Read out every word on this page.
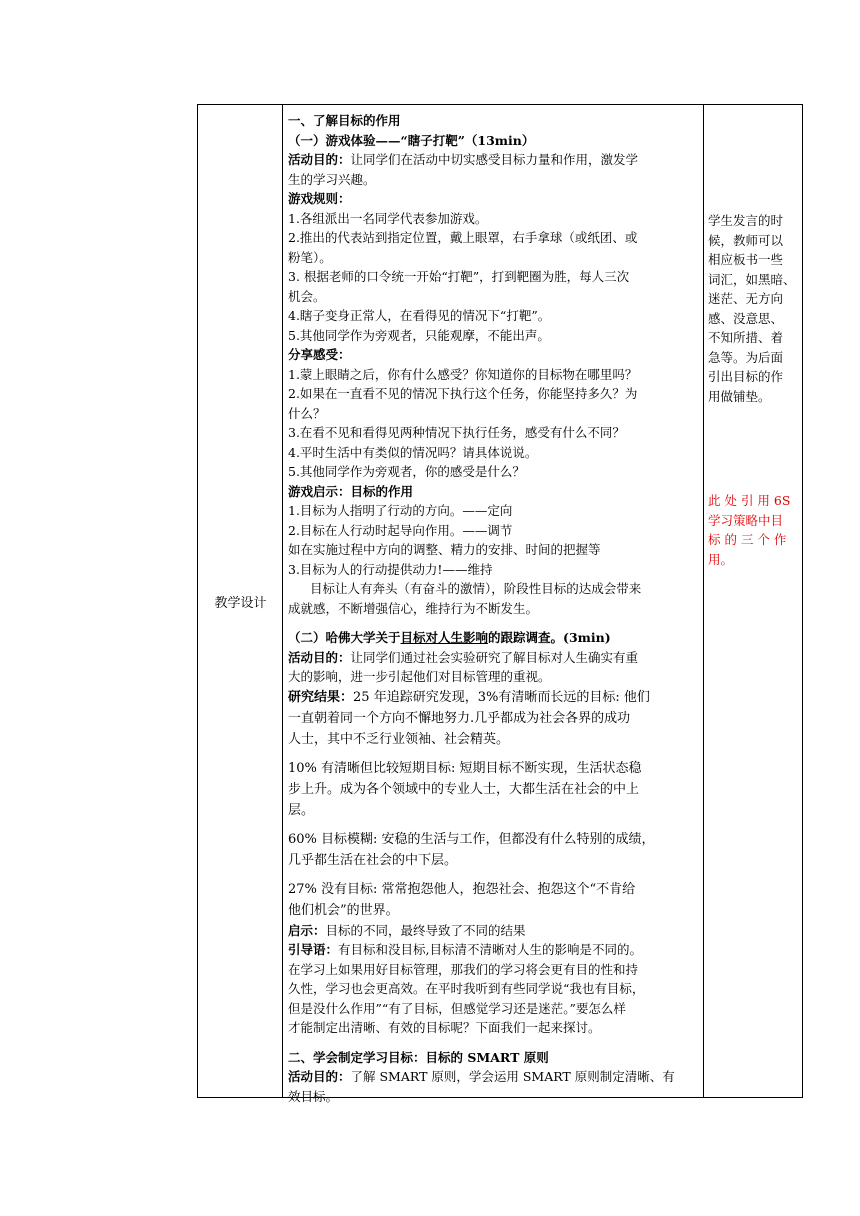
教学设计
一、了解目标的作用
（一）游戏体验——“瞎子打靶”（13min）
活动目的：让同学们在活动中切实感受目标力量和作用，激发学
生的学习兴趣。
游戏规则：
1.各组派出一名同学代表参加游戏。
2.推出的代表站到指定位置，戴上眼罩，右手拿球（或纸团、或
粉笔）。
3. 根据老师的口令统一开始“打靶”，打到靶圈为胜，每人三次
机会。
4.瞎子变身正常人，在看得见的情况下“打靶”。
5.其他同学作为旁观者，只能观摩，不能出声。
分享感受：
1.蒙上眼睛之后，你有什么感受？你知道你的目标物在哪里吗？
2.如果在一直看不见的情况下执行这个任务，你能坚持多久？为
什么？
3.在看不见和看得见两种情况下执行任务，感受有什么不同？
4.平时生活中有类似的情况吗？请具体说说。
5.其他同学作为旁观者，你的感受是什么？
游戏启示：目标的作用
1.目标为人指明了行动的方向。——定向
2.目标在人行动时起导向作用。——调节
如在实施过程中方向的调整、精力的安排、时间的把握等
3.目标为人的行动提供动力!——维持
目标让人有奔头（有奋斗的激情），阶段性目标的达成会带来
成就感，不断增强信心，维持行为不断发生。
（二）哈佛大学关于目标对人生影响的跟踪调查。(3min)
活动目的：让同学们通过社会实验研究了解目标对人生确实有重
大的影响，进一步引起他们对目标管理的重视。
研究结果：25 年追踪研究发现，3%有清晰而长远的目标: 他们
一直朝着同一个方向不懈地努力.几乎都成为社会各界的成功
人士，其中不乏行业领袖、社会精英。
10% 有清晰但比较短期目标: 短期目标不断实现，生活状态稳
步上升。成为各个领域中的专业人士，大都生活在社会的中上
层。
60% 目标模糊: 安稳的生活与工作，但都没有什么特别的成绩，
几乎都生活在社会的中下层。
27% 没有目标: 常常抱怨他人，抱怨社会、抱怨这个“不肯给
他们机会”的世界。
启示：目标的不同，最终导致了不同的结果
引导语：有目标和没目标,目标清不清晰对人生的影响是不同的。
在学习上如果用好目标管理，那我们的学习将会更有目的性和持
久性，学习也会更高效。在平时我听到有些同学说“我也有目标，
但是没什么作用”“有了目标，但感觉学习还是迷茫。”要怎么样
才能制定出清晰、有效的目标呢？下面我们一起来探讨。
二、学会制定学习目标：目标的 SMART 原则
活动目的：了解 SMART 原则，学会运用 SMART 原则制定清晰、有
效目标。
学生发言的时
候，教师可以
相应板书一些
词汇，如黑暗、
迷茫、无方向
感、没意思、
不知所措、着
急等。为后面
引出目标的作
用做铺垫。
此 处 引 用 6S
学习策略中目
标 的 三 个 作
用。
